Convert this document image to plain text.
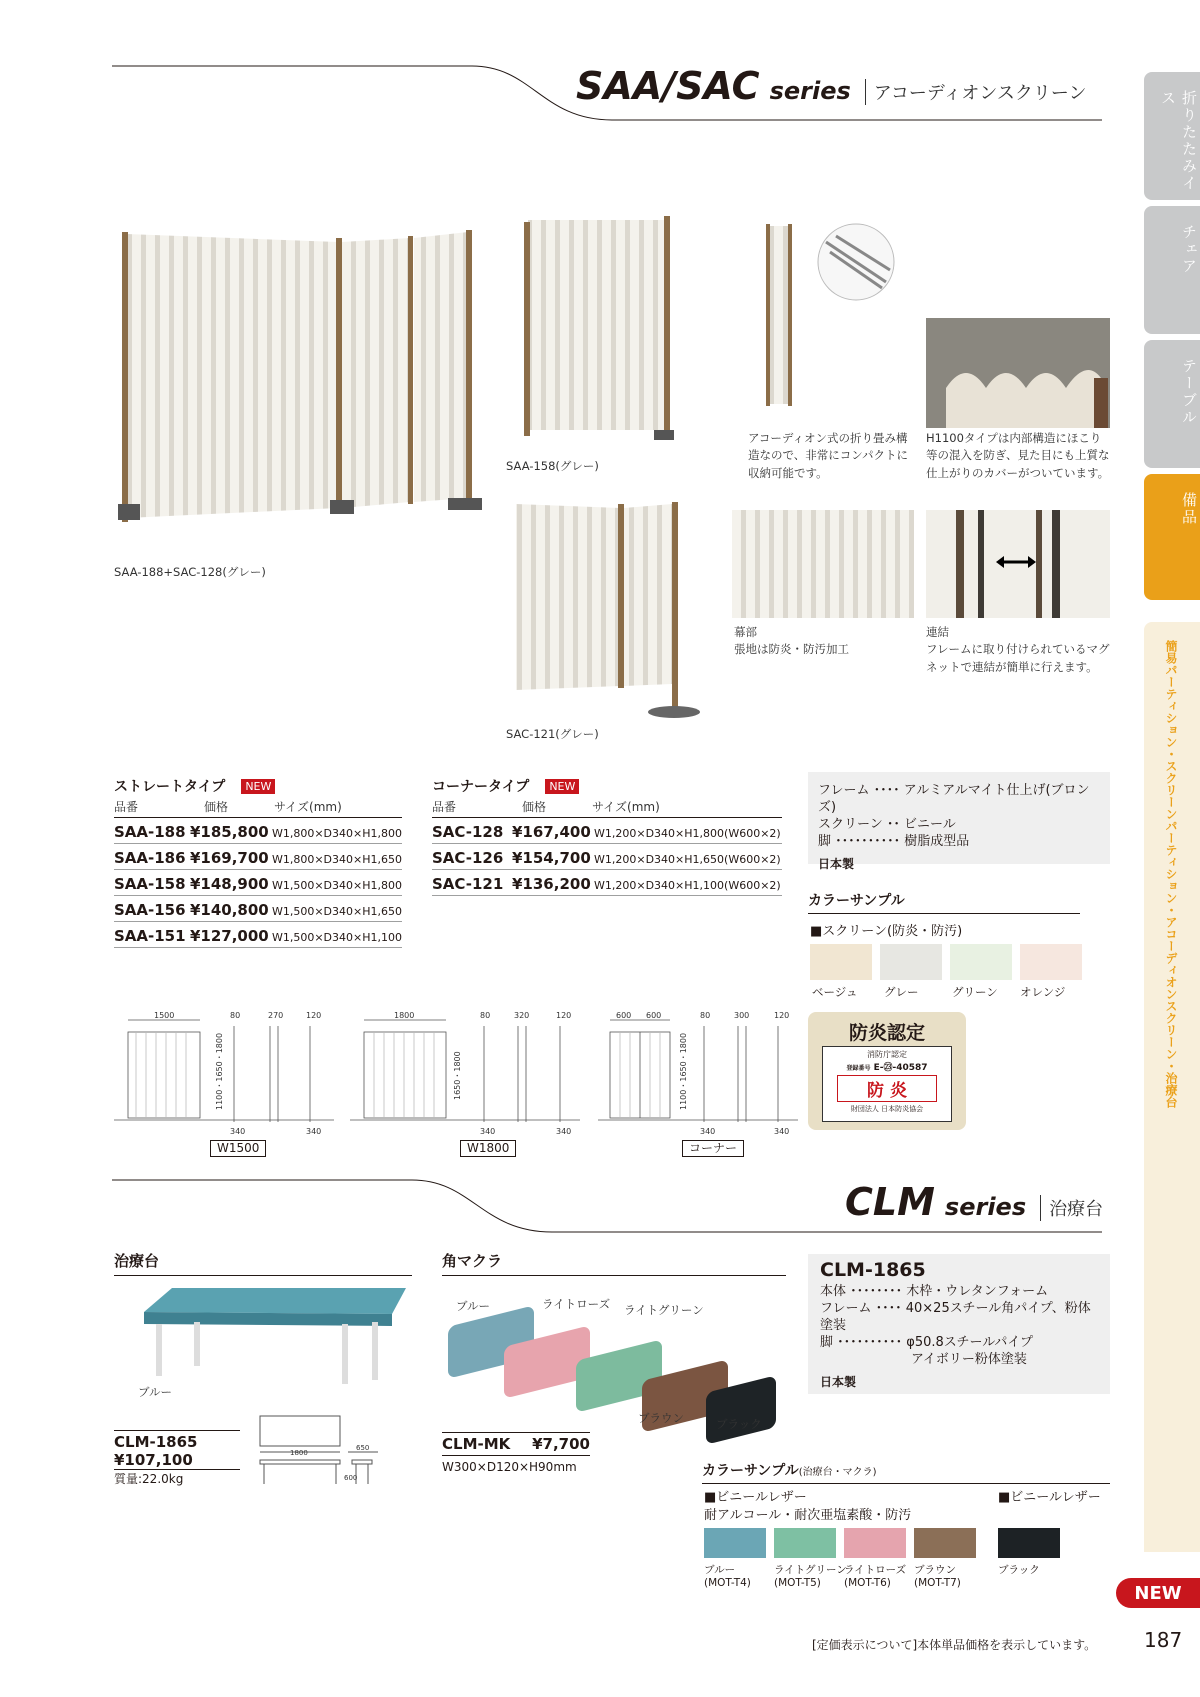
SAA/SAC series	アコーディオンスクリーン	折りたたみイス
チェア
テーブル
備品
簡易パーティション・スクリーンパーティション・アコーディオンスクリーン・治療台
SAA-188+SAC-128(グレー)
SAA-158(グレー)
SAC-121(グレー)
アコーディオン式の折り畳み構造なので、非常にコンパクトに収納可能です。
H1100タイプは内部構造にほこり等の混入を防ぎ、見た目にも上質な仕上がりのカバーがついています。
幕部
張地は防炎・防汚加工
連結
フレームに取り付けられているマグネットで連結が簡単に行えます。
ストレートタイプ	NEW
品番	価格	サイズ(mm)
SAA-188 ¥185,800 W1,800×D340×H1,800
SAA-186 ¥169,700 W1,800×D340×H1,650
SAA-158 ¥148,900 W1,500×D340×H1,800
SAA-156 ¥140,800 W1,500×D340×H1,650
SAA-151 ¥127,000 W1,500×D340×H1,100
コーナータイプ	NEW
品番	価格	サイズ(mm)
SAC-128 ¥167,400 W1,200×D340×H1,800(W600×2)
SAC-126 ¥154,700 W1,200×D340×H1,650(W600×2)
SAC-121 ¥136,200 W1,200×D340×H1,100(W600×2)
フレーム ････ アルミアルマイト仕上げ(ブロンズ)
スクリーン ･･ ビニール
脚 ･･････････ 樹脂成型品
日本製
カラーサンプル
■スクリーン(防炎・防汚)
ベージュ グレー	グリーン オレンジ
1500	80	270	120
340	340
1800	80	320	120
340	340
600 600	80	300	120
340	340
1100・1650・1800	1650・1800	1100・1650・1800
W1500	W1800	コーナー
防炎認定
消防庁認定
登録番号 E-㉓-40587
防 炎
財団法人 日本防炎協会
CLM series	治療台
治療台
ブルー
CLM-1865
¥107,100
質量:22.0kg
1800
650
600
角マクラ
ブルー	ライトローズ ライトグリーン
ブラウン	ブラック
CLM-MK ¥7,700
W300×D120×H90mm
CLM-1865
本体 ････････ 木枠・ウレタンフォーム
フレーム ････ 40×25スチール角パイプ、粉体塗装
脚 ･･････････ φ50.8スチールパイプ
　　　　　　　アイボリー粉体塗装
日本製
カラーサンプル(治療台・マクラ)
■ビニールレザー
耐アルコール・耐次亜塩素酸・防汚
■ビニールレザー
ブルー
(MOT-T4)
ライトグリーン
(MOT-T5)
ライトローズ
(MOT-T6)
ブラウン
(MOT-T7)
ブラック
NEW
[定価表示について]本体単品価格を表示しています。 187
